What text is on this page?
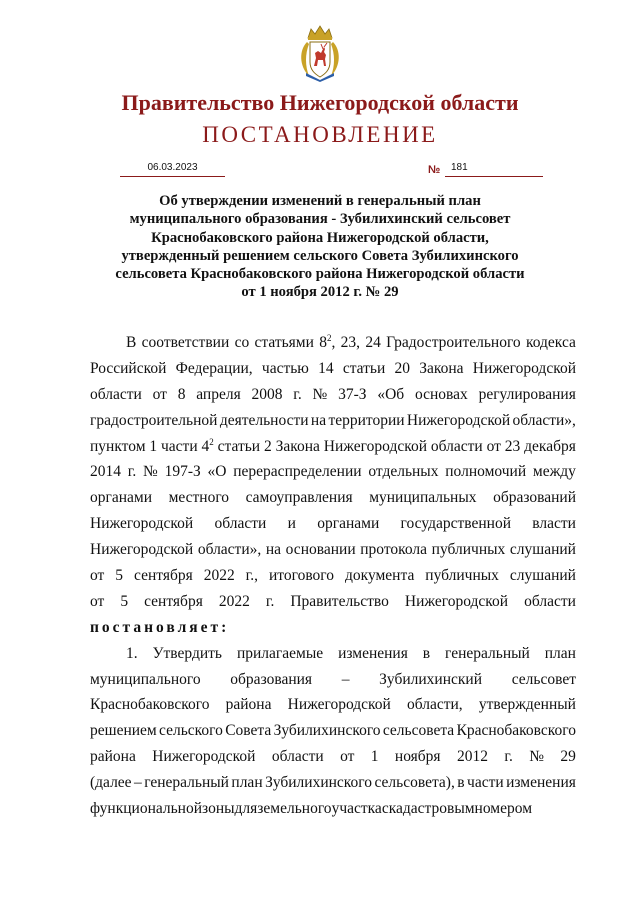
Правительство Нижегородской области
ПОСТАНОВЛЕНИЕ
06.03.2023	№	181
Об утверждении изменений в генеральный план
муниципального образования - Зубилихинский сельсовет
Краснобаковского района Нижегородской области,
утвержденный решением сельского Совета Зубилихинского
сельсовета Краснобаковского района Нижегородской области
от 1 ноября 2012 г. № 29
В соответствии со статьями $8^2$, 23, 24 Градостроительного кодекса
Российской Федерации, частью 14 статьи 20 Закона Нижегородской
области от 8 апреля 2008 г. № 37-З «Об основах регулирования
градостроительной деятельности на территории Нижегородской области»,
пунктом 1 части $4^2$ статьи 2 Закона Нижегородской области от 23 декабря
2014 г. № 197-З «О перераспределении отдельных полномочий между
органами местного самоуправления муниципальных образований
Нижегородской области и органами государственной власти
Нижегородской области», на основании протокола публичных слушаний
от 5 сентября 2022 г., итогового документа публичных слушаний
от 5 сентября 2022 г. Правительство Нижегородской области
постановляет:
1. Утвердить прилагаемые изменения в генеральный план
муниципального образования – Зубилихинский сельсовет
Краснобаковского района Нижегородской области, утвержденный
решением сельского Совета Зубилихинского сельсовета Краснобаковского
района Нижегородской области от 1 ноября 2012 г. № 29
(далее – генеральный план Зубилихинского сельсовета), в части изменения
функциональной зоны для земельного участка с кадастровым номером
